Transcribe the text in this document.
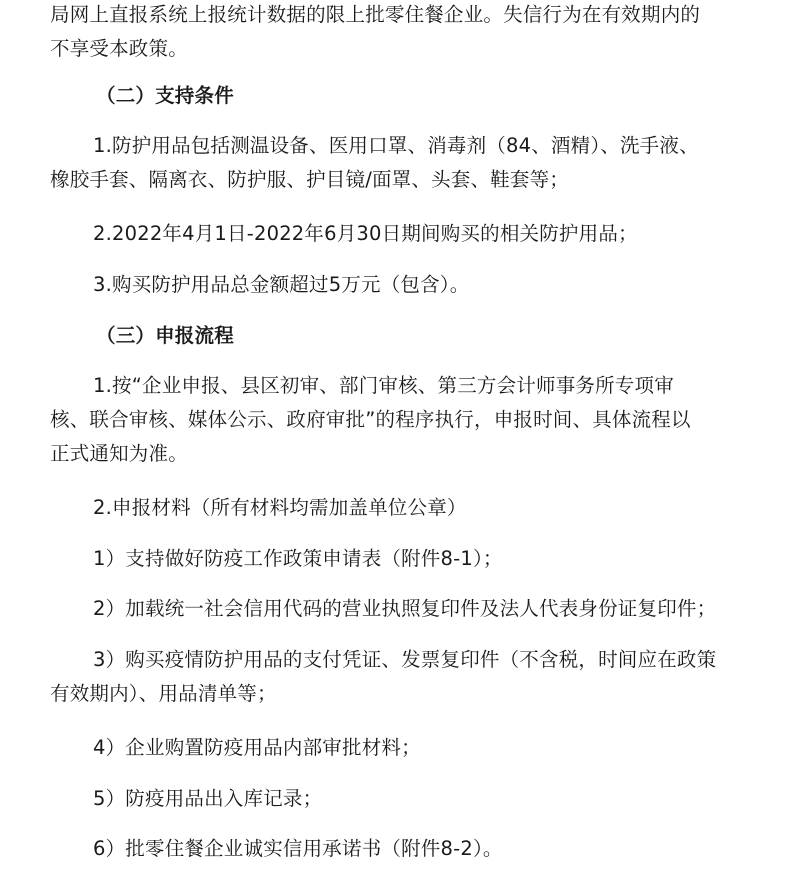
局网上直报系统上报统计数据的限上批零住餐企业。失信行为在有效期内的
不享受本政策。
（二）支持条件
1.防护用品包括测温设备、医用口罩、消毒剂（84、酒精）、洗手液、
橡胶手套、隔离衣、防护服、护目镜/面罩、头套、鞋套等；
2.2022年4月1日-2022年6月30日期间购买的相关防护用品；
3.购买防护用品总金额超过5万元（包含）。
（三）申报流程
1.按“企业申报、县区初审、部门审核、第三方会计师事务所专项审
核、联合审核、媒体公示、政府审批”的程序执行，申报时间、具体流程以
正式通知为准。
2.申报材料（所有材料均需加盖单位公章）
1）支持做好防疫工作政策申请表（附件8-1）；
2）加载统一社会信用代码的营业执照复印件及法人代表身份证复印件；
3）购买疫情防护用品的支付凭证、发票复印件（不含税，时间应在政策
有效期内）、用品清单等；
4）企业购置防疫用品内部审批材料；
5）防疫用品出入库记录；
6）批零住餐企业诚实信用承诺书（附件8-2）。
